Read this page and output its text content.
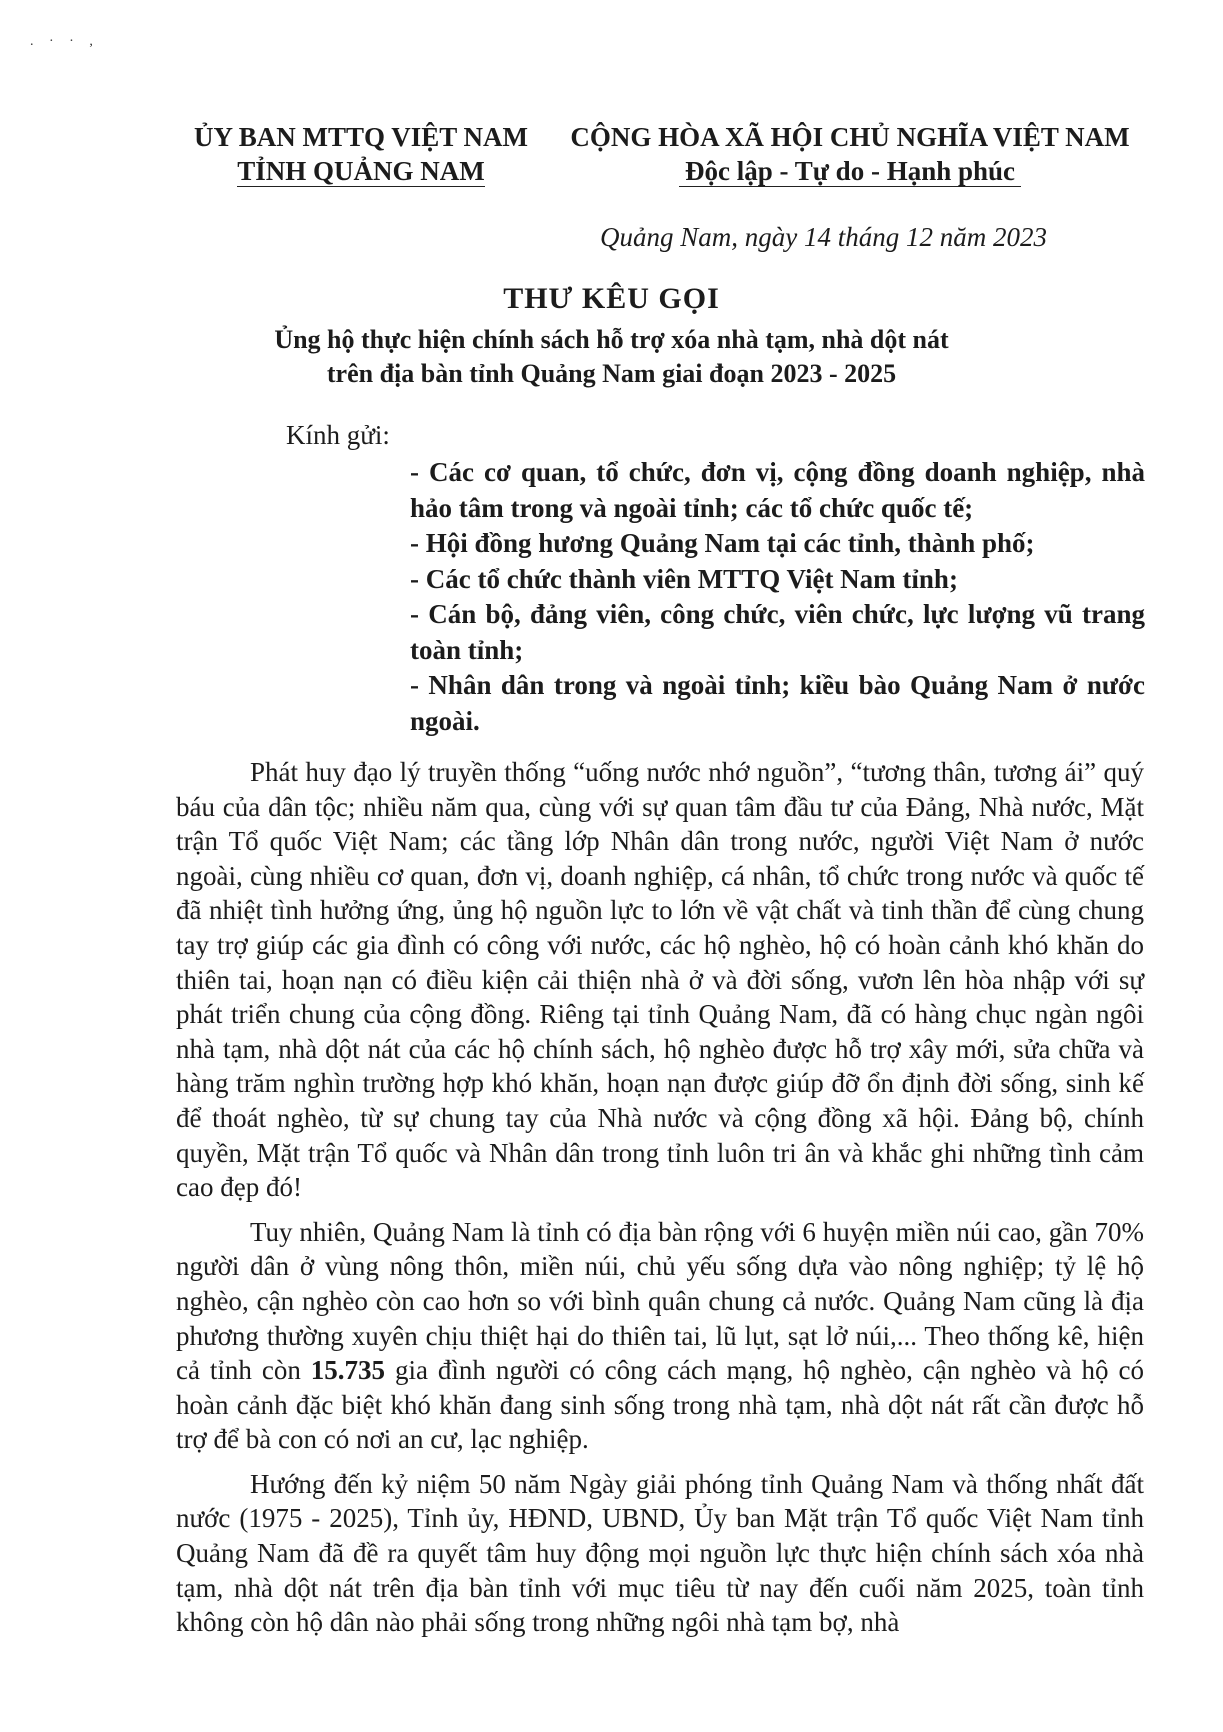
. · · ,
ỦY BAN MTTQ VIỆT NAM
TỈNH QUẢNG NAM
CỘNG HÒA XÃ HỘI CHỦ NGHĨA VIỆT NAM
Độc lập - Tự do - Hạnh phúc
Quảng Nam, ngày 14 tháng 12 năm 2023
THƯ KÊU GỌI
Ủng hộ thực hiện chính sách hỗ trợ xóa nhà tạm, nhà dột nát
trên địa bàn tỉnh Quảng Nam giai đoạn 2023 - 2025
Kính gửi:

- Các cơ quan, tổ chức, đơn vị, cộng đồng doanh nghiệp, nhà hảo tâm trong và ngoài tỉnh; các tổ chức quốc tế;

- Hội đồng hương Quảng Nam tại các tỉnh, thành phố;

- Các tổ chức thành viên MTTQ Việt Nam tỉnh;

- Cán bộ, đảng viên, công chức, viên chức, lực lượng vũ trang toàn tỉnh;

- Nhân dân trong và ngoài tỉnh; kiều bào Quảng Nam ở nước ngoài.

Phát huy đạo lý truyền thống “uống nước nhớ nguồn”, “tương thân, tương ái” quý báu của dân tộc; nhiều năm qua, cùng với sự quan tâm đầu tư của Đảng, Nhà nước, Mặt trận Tổ quốc Việt Nam; các tầng lớp Nhân dân trong nước, người Việt Nam ở nước ngoài, cùng nhiều cơ quan, đơn vị, doanh nghiệp, cá nhân, tổ chức trong nước và quốc tế đã nhiệt tình hưởng ứng, ủng hộ nguồn lực to lớn về vật chất và tinh thần để cùng chung tay trợ giúp các gia đình có công với nước, các hộ nghèo, hộ có hoàn cảnh khó khăn do thiên tai, hoạn nạn có điều kiện cải thiện nhà ở và đời sống, vươn lên hòa nhập với sự phát triển chung của cộng đồng. Riêng tại tỉnh Quảng Nam, đã có hàng chục ngàn ngôi nhà tạm, nhà dột nát của các hộ chính sách, hộ nghèo được hỗ trợ xây mới, sửa chữa và hàng trăm nghìn trường hợp khó khăn, hoạn nạn được giúp đỡ ổn định đời sống, sinh kế để thoát nghèo, từ sự chung tay của Nhà nước và cộng đồng xã hội. Đảng bộ, chính quyền, Mặt trận Tổ quốc và Nhân dân trong tỉnh luôn tri ân và khắc ghi những tình cảm cao đẹp đó!

Tuy nhiên, Quảng Nam là tỉnh có địa bàn rộng với 6 huyện miền núi cao, gần 70% người dân ở vùng nông thôn, miền núi, chủ yếu sống dựa vào nông nghiệp; tỷ lệ hộ nghèo, cận nghèo còn cao hơn so với bình quân chung cả nước. Quảng Nam cũng là địa phương thường xuyên chịu thiệt hại do thiên tai, lũ lụt, sạt lở núi,... Theo thống kê, hiện cả tỉnh còn 15.735 gia đình người có công cách mạng, hộ nghèo, cận nghèo và hộ có hoàn cảnh đặc biệt khó khăn đang sinh sống trong nhà tạm, nhà dột nát rất cần được hỗ trợ để bà con có nơi an cư, lạc nghiệp.

Hướng đến kỷ niệm 50 năm Ngày giải phóng tỉnh Quảng Nam và thống nhất đất nước (1975 - 2025), Tỉnh ủy, HĐND, UBND, Ủy ban Mặt trận Tổ quốc Việt Nam tỉnh Quảng Nam đã đề ra quyết tâm huy động mọi nguồn lực thực hiện chính sách xóa nhà tạm, nhà dột nát trên địa bàn tỉnh với mục tiêu từ nay đến cuối năm 2025, toàn tỉnh không còn hộ dân nào phải sống trong những ngôi nhà tạm bợ, nhà
